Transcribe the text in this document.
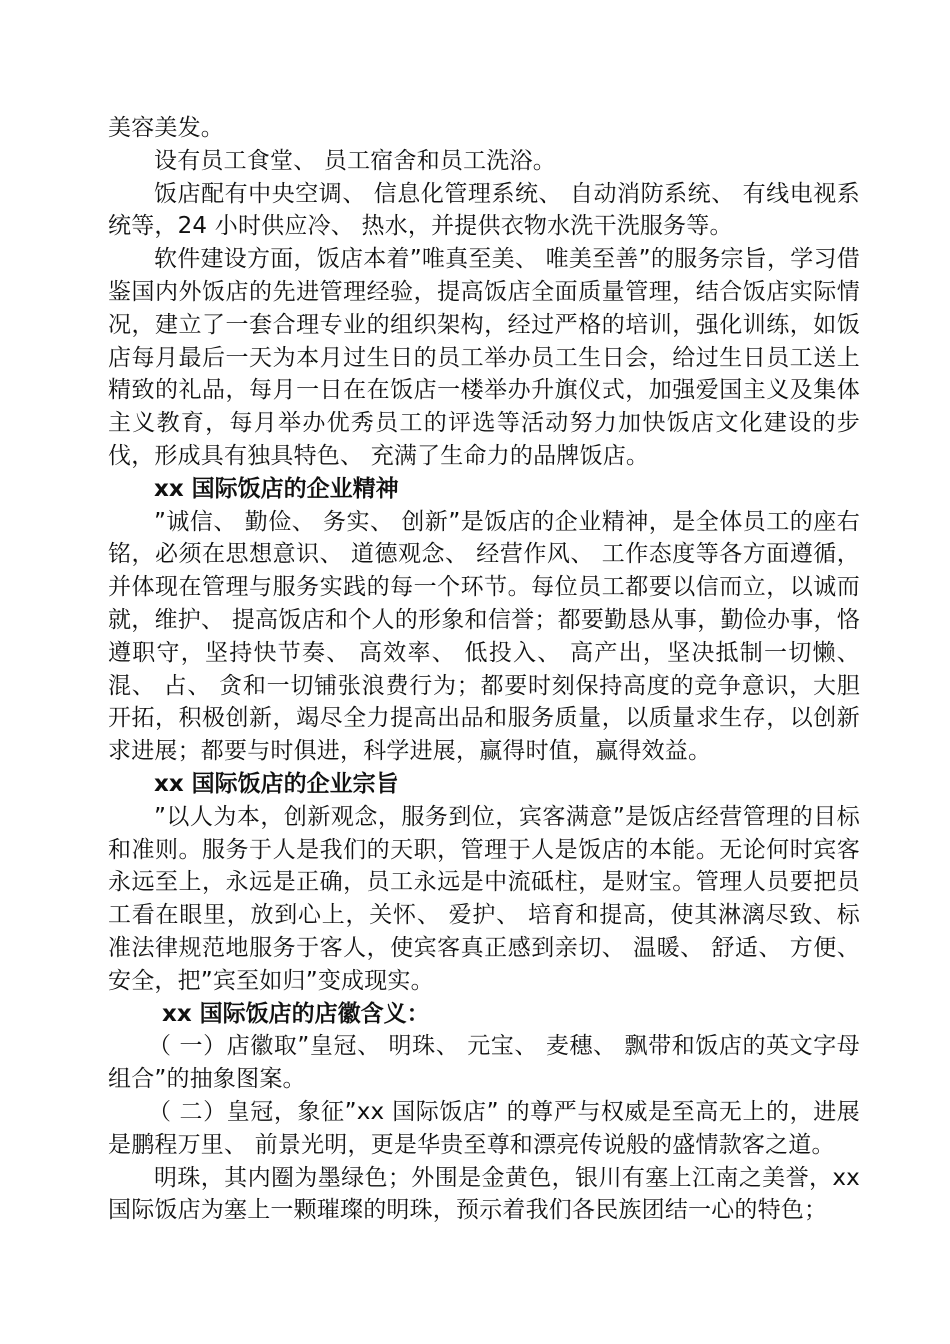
美容美发。

设有员工食堂、 员工宿舍和员工洗浴。

饭店配有中央空调、 信息化管理系统、 自动消防系统、 有线电视系统等，24 小时供应冷、 热水，并提供衣物水洗干洗服务等。

软件建设方面，饭店本着”唯真至美、 唯美至善”的服务宗旨，学习借鉴国内外饭店的先进管理经验，提高饭店全面质量管理，结合饭店实际情况，建立了一套合理专业的组织架构，经过严格的培训，强化训练，如饭店每月最后一天为本月过生日的员工举办员工生日会，给过生日员工送上精致的礼品，每月一日在在饭店一楼举办升旗仪式，加强爱国主义及集体主义教育，每月举办优秀员工的评选等活动努力加快饭店文化建设的步伐，形成具有独具特色、 充满了生命力的品牌饭店。

xx 国际饭店的企业精神

”诚信、 勤俭、 务实、 创新”是饭店的企业精神，是全体员工的座右铭，必须在思想意识、 道德观念、 经营作风、 工作态度等各方面遵循，并体现在管理与服务实践的每一个环节。每位员工都要以信而立，以诚而就，维护、 提高饭店和个人的形象和信誉；都要勤恳从事，勤俭办事，恪遵职守，坚持快节奏、 高效率、 低投入、 高产出，坚决抵制一切懒、 混、 占、 贪和一切铺张浪费行为；都要时刻保持高度的竞争意识，大胆开拓，积极创新，竭尽全力提高出品和服务质量，以质量求生存，以创新求进展；都要与时俱进，科学进展，赢得时值，赢得效益。

xx 国际饭店的企业宗旨

”以人为本，创新观念，服务到位，宾客满意”是饭店经营管理的目标和准则。服务于人是我们的天职，管理于人是饭店的本能。无论何时宾客永远至上，永远是正确，员工永远是中流砥柱，是财宝。管理人员要把员工看在眼里，放到心上，关怀、 爱护、 培育和提高，使其淋漓尽致、标准法律规范地服务于客人，使宾客真正感到亲切、 温暖、 舒适、 方便、 安全，把”宾至如归”变成现实。

xx 国际饭店的店徽含义：

（ 一）店徽取”皇冠、 明珠、 元宝、 麦穗、 飘带和饭店的英文字母组合”的抽象图案。

（ 二）皇冠，象征”xx 国际饭店” 的尊严与权威是至高无上的，进展是鹏程万里、 前景光明，更是华贵至尊和漂亮传说般的盛情款客之道。

明珠，其内圈为墨绿色；外围是金黄色，银川有塞上江南之美誉，xx 国际饭店为塞上一颗璀璨的明珠，预示着我们各民族团结一心的特色；
